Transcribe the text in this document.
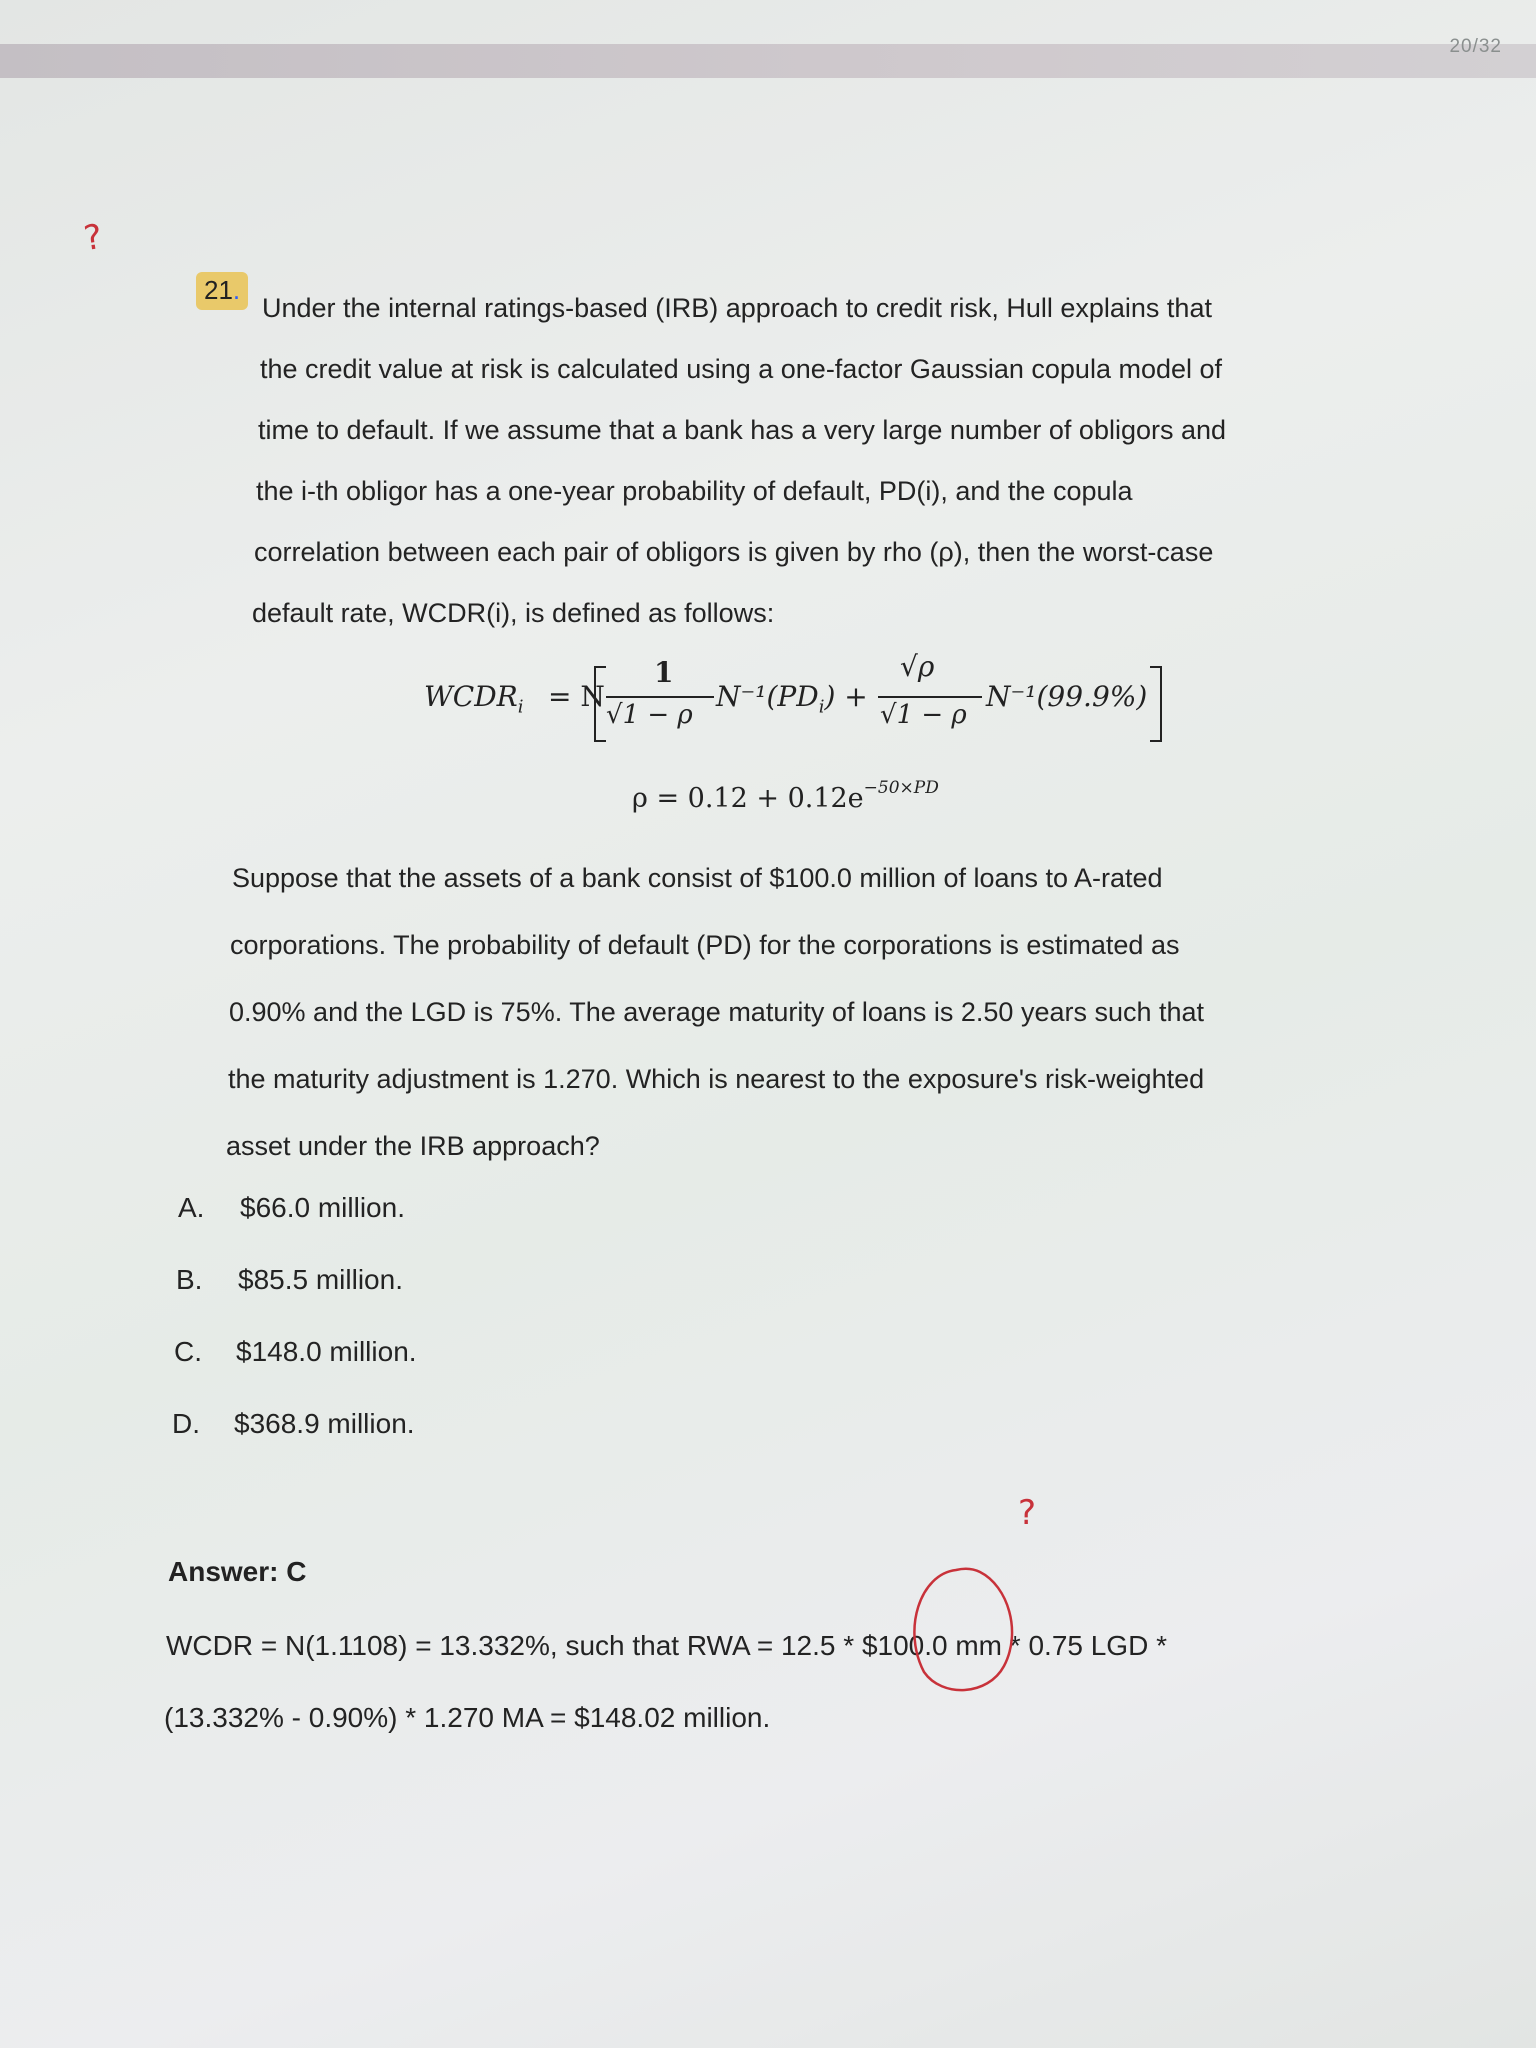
20/32
?
21.
Under the internal ratings-based (IRB) approach to credit risk, Hull explains that
the credit value at risk is calculated using a one-factor Gaussian copula model of
time to default. If we assume that a bank has a very large number of obligors and
the i-th obligor has a one-year probability of default, PD(i), and the copula
correlation between each pair of obligors is given by rho (ρ), then the worst-case
default rate, WCDR(i), is defined as follows:
$WCDR_i = N$
1
√1 − ρ
$N^{-1}(PD_i)$ +
√ρ
√1 − ρ
N⁻¹(99.9%)
$\rho = 0.12 + 0.12e^{-50\times PD}$
Suppose that the assets of a bank consist of $100.0 million of loans to A-rated
corporations. The probability of default (PD) for the corporations is estimated as
0.90% and the LGD is 75%. The average maturity of loans is 2.50 years such that
the maturity adjustment is 1.270. Which is nearest to the exposure's risk-weighted
asset under the IRB approach?
A. $66.0 million.
B. $85.5 million.
C. $148.0 million.
D. $368.9 million.
Answer: C
WCDR = N(1.1108) = 13.332%, such that RWA = 12.5 * $100.0 mm * 0.75 LGD *
(13.332% - 0.90%) * 1.270 MA = $148.02 million.
?
